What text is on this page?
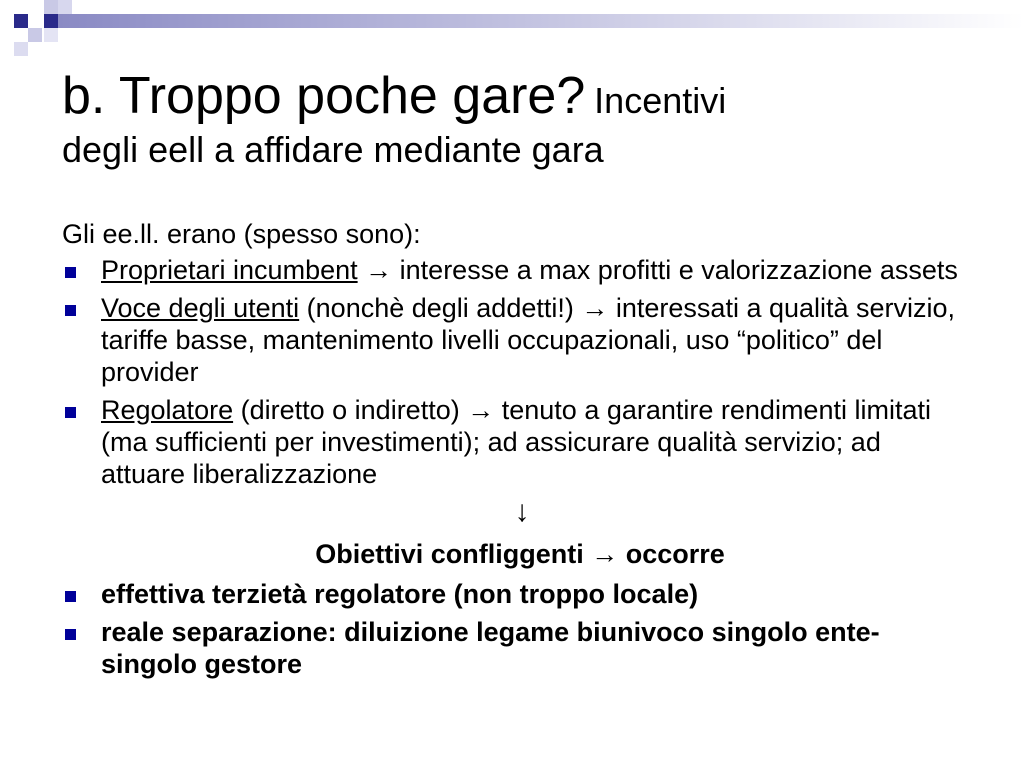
b. Troppo poche gare? Incentivi
degli eell a affidare mediante gara

Gli ee.ll. erano (spesso sono):

Proprietari incumbent → interesse a max profitti e valorizzazione assets
Voce degli utenti (nonchè degli addetti!) → interessati a qualità servizio, tariffe basse, mantenimento livelli occupazionali, uso “politico” del provider
Regolatore (diretto o indiretto) → tenuto a garantire rendimenti limitati (ma sufficienti per investimenti); ad assicurare qualità servizio; ad attuare liberalizzazione
↓
Obiettivi confliggenti → occorre
effettiva terzietà regolatore (non troppo locale)
reale separazione: diluizione legame biunivoco singolo ente-singolo gestore
